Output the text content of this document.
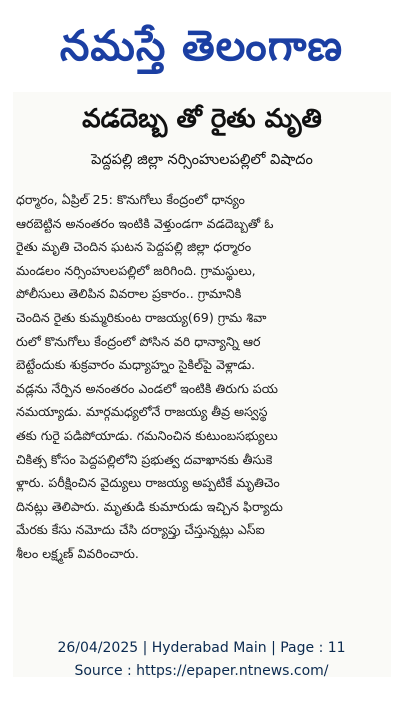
నమస్తే తెలంగాణ
వడదెబ్బ తో రైతు మృతి
పెద్దపల్లి జిల్లా నర్సింహులపల్లిలో విషాదం
ధర్మారం, ఏప్రిల్ 25: కొనుగోలు కేంద్రంలో ధాన్యం
ఆరబెట్టిన అనంతరం ఇంటికి వెళ్తుండగా వడదెబ్బతో ఓ
రైతు మృతి చెందిన ఘటన పెద్దపల్లి జిల్లా ధర్మారం
మండలం నర్సింహులపల్లిలో జరిగింది. గ్రామస్థులు,
పోలీసులు తెలిపిన వివరాల ప్రకారం.. గ్రామానికి
చెందిన రైతు కుమ్మరికుంట రాజయ్య(69) గ్రామ శివా
రులో కొనుగోలు కేంద్రంలో పోసిన వరి ధాన్యాన్ని ఆర
బెట్టేందుకు శుక్రవారం మధ్యాహ్నం సైకిల్‌పై వెళ్లాడు.
వడ్లను నేర్పిన అనంతరం ఎండలో ఇంటికి తిరుగు పయ
నమయ్యాడు. మార్గమధ్యలోనే రాజయ్య తీవ్ర అస్వస్థ
తకు గురై పడిపోయాడు. గమనించిన కుటుంబసభ్యులు
చికిత్స కోసం పెద్దపల్లిలోని ప్రభుత్వ దవాఖానకు తీసుకె
ళ్లారు. పరీక్షించిన వైద్యులు రాజయ్య అప్పటికే మృతిచెం
దినట్లు తెలిపారు. మృతుడి కుమారుడు ఇచ్చిన ఫిర్యాదు
మేరకు కేసు నమోదు చేసి దర్యాప్తు చేస్తున్నట్లు ఎస్ఐ
శీలం లక్ష్మణ్ వివరించారు.
26/04/2025 | Hyderabad Main | Page : 11
Source : https://epaper.ntnews.com/
